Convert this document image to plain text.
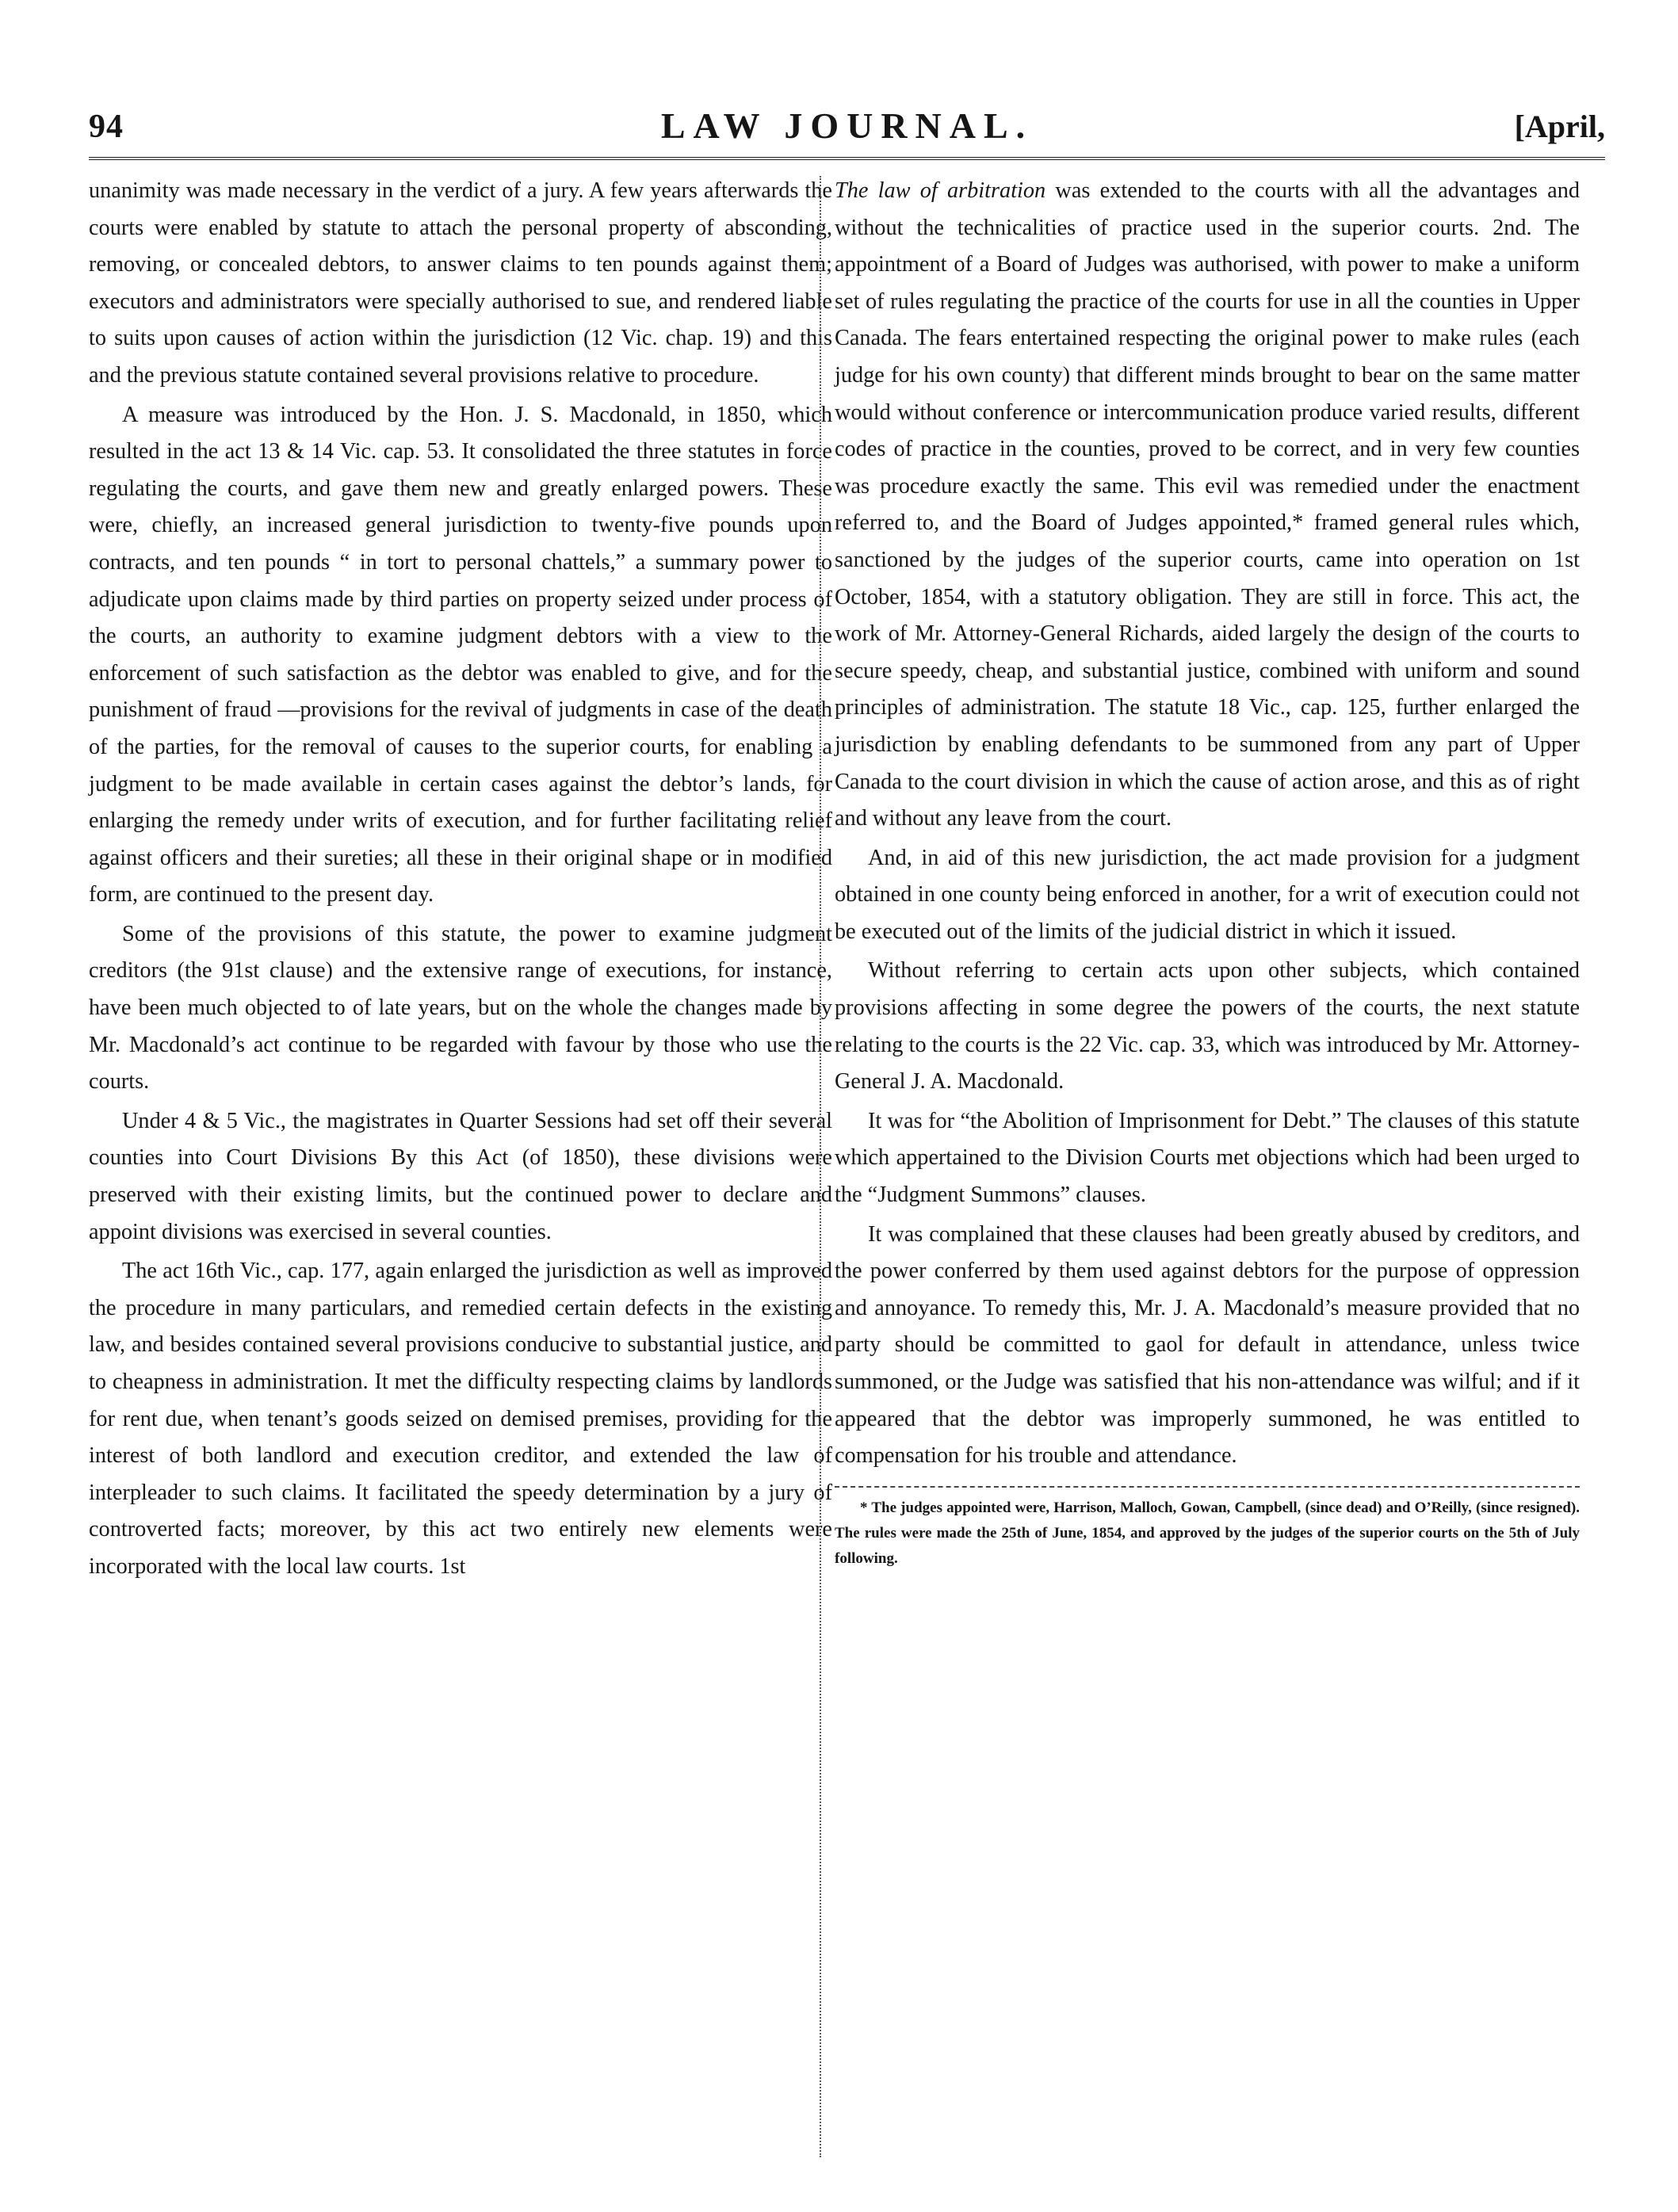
94	LAW JOURNAL.	[April,

unanimity was made necessary in the verdict of a jury. A few years afterwards the courts were enabled by statute to attach the personal property of absconding, removing, or concealed debtors, to answer claims to ten pounds against them; executors and administrators were specially authorised to sue, and rendered liable to suits upon causes of action within the jurisdiction (12 Vic. chap. 19) and this and the previous statute contained several provisions relative to procedure.

A measure was introduced by the Hon. J. S. Macdonald, in 1850, which resulted in the act 13 & 14 Vic. cap. 53. It consolidated the three statutes in force regulating the courts, and gave them new and greatly enlarged powers. These were, chiefly, an increased general jurisdiction to twenty-five pounds upon contracts, and ten pounds “ in tort to personal chattels,” a summary power to adjudicate upon claims made by third parties on property seized under process of the courts, an authority to examine judgment debtors with a view to the enforcement of such satisfaction as the debtor was enabled to give, and for the punishment of fraud —provisions for the revival of judgments in case of the death of the parties, for the removal of causes to the superior courts, for enabling a judgment to be made available in certain cases against the debtor’s lands, for enlarging the remedy under writs of execution, and for further facilitating relief against officers and their sureties; all these in their original shape or in modified form, are continued to the present day.

Some of the provisions of this statute, the power to examine judgment creditors (the 91st clause) and the extensive range of executions, for instance, have been much objected to of late years, but on the whole the changes made by Mr. Macdonald’s act continue to be regarded with favour by those who use the courts.

Under 4 & 5 Vic., the magistrates in Quarter Sessions had set off their several counties into Court Divisions By this Act (of 1850), these divisions were preserved with their existing limits, but the continued power to declare and appoint divisions was exercised in several counties.

The act 16th Vic., cap. 177, again enlarged the jurisdiction as well as improved the procedure in many particulars, and remedied certain defects in the existing law, and besides contained several provisions conducive to substantial justice, and to cheapness in administration. It met the difficulty respecting claims by landlords for rent due, when tenant’s goods seized on demised premises, providing for the interest of both landlord and execution creditor, and extended the law of interpleader to such claims. It facilitated the speedy determination by a jury of controverted facts; moreover, by this act two entirely new elements were incorporated with the local law courts. 1st

The law of arbitration was extended to the courts with all the advantages and without the technicalities of practice used in the superior courts. 2nd. The appointment of a Board of Judges was authorised, with power to make a uniform set of rules regulating the practice of the courts for use in all the counties in Upper Canada. The fears entertained respecting the original power to make rules (each judge for his own county) that different minds brought to bear on the same matter would without conference or intercommunication produce varied results, different codes of practice in the counties, proved to be correct, and in very few counties was procedure exactly the same. This evil was remedied under the enactment referred to, and the Board of Judges appointed,* framed general rules which, sanctioned by the judges of the superior courts, came into operation on 1st October, 1854, with a statutory obligation. They are still in force. This act, the work of Mr. Attorney-General Richards, aided largely the design of the courts to secure speedy, cheap, and substantial justice, combined with uniform and sound principles of administration. The statute 18 Vic., cap. 125, further enlarged the jurisdiction by enabling defendants to be summoned from any part of Upper Canada to the court division in which the cause of action arose, and this as of right and without any leave from the court.

And, in aid of this new jurisdiction, the act made provision for a judgment obtained in one county being enforced in another, for a writ of execution could not be executed out of the limits of the judicial district in which it issued.

Without referring to certain acts upon other subjects, which contained provisions affecting in some degree the powers of the courts, the next statute relating to the courts is the 22 Vic. cap. 33, which was introduced by Mr. Attorney-General J. A. Macdonald.

It was for “the Abolition of Imprisonment for Debt.” The clauses of this statute which appertained to the Division Courts met objections which had been urged to the “Judgment Summons” clauses.

It was complained that these clauses had been greatly abused by creditors, and the power conferred by them used against debtors for the purpose of oppression and annoyance. To remedy this, Mr. J. A. Macdonald’s measure provided that no party should be committed to gaol for default in attendance, unless twice summoned, or the Judge was satisfied that his non-attendance was wilful; and if it appeared that the debtor was improperly summoned, he was entitled to compensation for his trouble and attendance.

* The judges appointed were, Harrison, Malloch, Gowan, Campbell, (since dead) and O’Reilly, (since resigned). The rules were made the 25th of June, 1854, and approved by the judges of the superior courts on the 5th of July following.
